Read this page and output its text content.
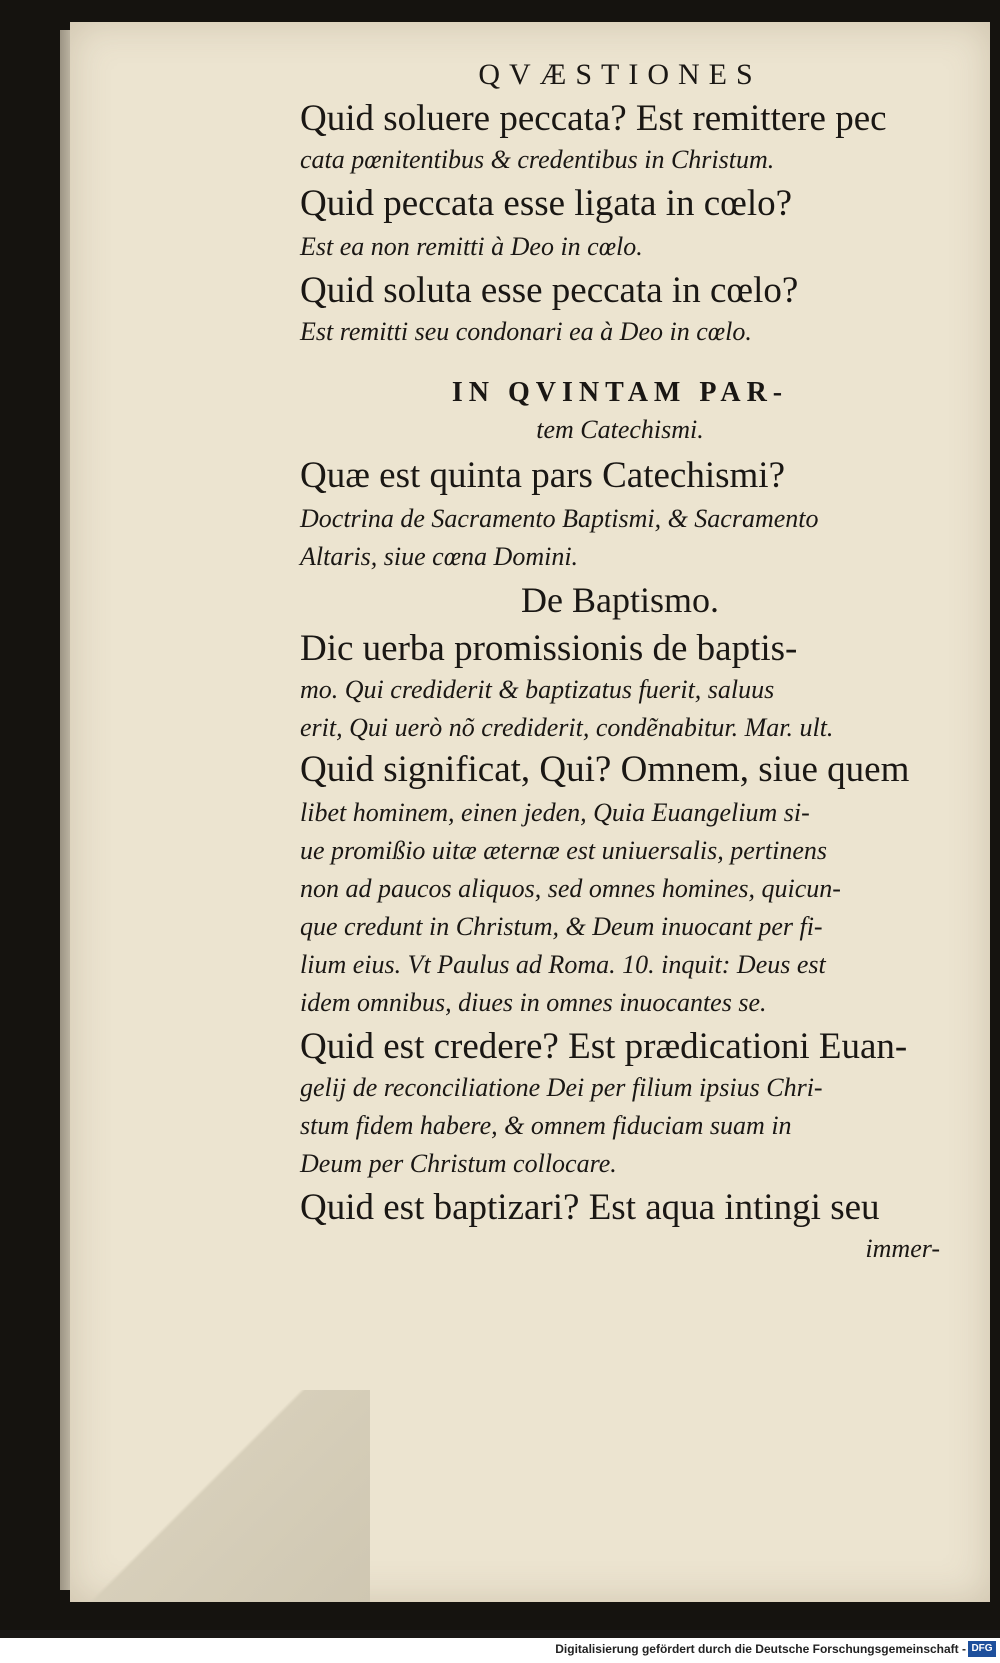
QVÆSTIONES

Quid soluere peccata? Est remittere pec

cata pœnitentibus & credentibus in Christum.

Quid peccata esse ligata in cœlo?

Est ea non remitti à Deo in cœlo.

Quid soluta esse peccata in cœlo?

Est remitti seu condonari ea à Deo in cœlo.

IN QVINTAM PAR-

tem Catechismi.

Quæ est quinta pars Catechismi?

Doctrina de Sacramento Baptismi, & Sacramento

Altaris, siue cœna Domini.

De Baptismo.

Dic uerba promissionis de baptis-

mo. Qui crediderit & baptizatus fuerit, saluus

erit, Qui uerò nõ crediderit, condẽnabitur. Mar. ult.

Quid significat, Qui? Omnem, siue quem

libet hominem, einen jeden, Quia Euangelium si-

ue promißio uitæ æternæ est uniuersalis, pertinens

non ad paucos aliquos, sed omnes homines, quicun-

que credunt in Christum, & Deum inuocant per fi-

lium eius. Vt Paulus ad Roma. 10. inquit: Deus est

idem omnibus, diues in omnes inuocantes se.

Quid est credere? Est prædicationi Euan-

gelij de reconciliatione Dei per filium ipsius Chri-

stum fidem habere, & omnem fiduciam suam in

Deum per Christum collocare.

Quid est baptizari? Est aqua intingi seu

immer-

Digitalisierung gefördert durch die Deutsche Forschungsgemeinschaft - DFG
